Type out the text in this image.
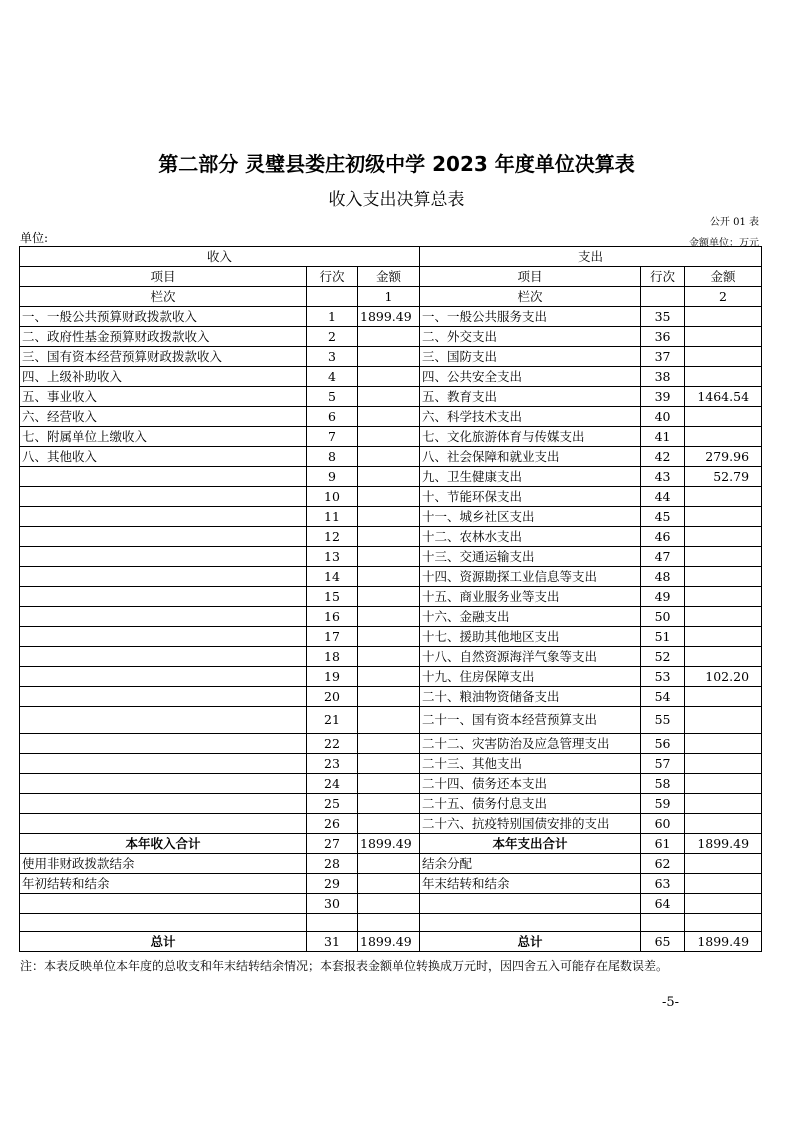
第二部分 灵璧县娄庄初级中学 2023 年度单位决算表
收入支出决算总表
公开 01 表
单位:	金额单位：万元
收入			支出		
项目	行次	金额	项目	行次	金额
栏次		1	栏次		2
一、一般公共预算财政拨款收入	1	1899.49	一、一般公共服务支出	35	
二、政府性基金预算财政拨款收入	2		二、外交支出	36	
三、国有资本经营预算财政拨款收入	3		三、国防支出	37	
四、上级补助收入	4		四、公共安全支出	38	
五、事业收入	5		五、教育支出	39	1464.54
六、经营收入	6		六、科学技术支出	40	
七、附属单位上缴收入	7		七、文化旅游体育与传媒支出	41	
八、其他收入	8		八、社会保障和就业支出	42	279.96
	9		九、卫生健康支出	43	52.79
	10		十、节能环保支出	44	
	11		十一、城乡社区支出	45	
	12		十二、农林水支出	46	
	13		十三、交通运输支出	47	
	14		十四、资源勘探工业信息等支出	48	
	15		十五、商业服务业等支出	49	
	16		十六、金融支出	50	
	17		十七、援助其他地区支出	51	
	18		十八、自然资源海洋气象等支出	52	
	19		十九、住房保障支出	53	102.20
	20		二十、粮油物资储备支出	54	
	21		二十一、国有资本经营预算支出	55	
	22		二十二、灾害防治及应急管理支出	56	
	23		二十三、其他支出	57	
	24		二十四、债务还本支出	58	
	25		二十五、债务付息支出	59	
	26		二十六、抗疫特别国债安排的支出	60	
本年收入合计	27	1899.49	本年支出合计	61	1899.49
使用非财政拨款结余	28		结余分配	62	
年初结转和结余	29		年末结转和结余	63	
	30			64	

总计	31	1899.49	总计	65	1899.49
注：本表反映单位本年度的总收支和年末结转结余情况；本套报表金额单位转换成万元时，因四舍五入可能存在尾数误差。
-5-
